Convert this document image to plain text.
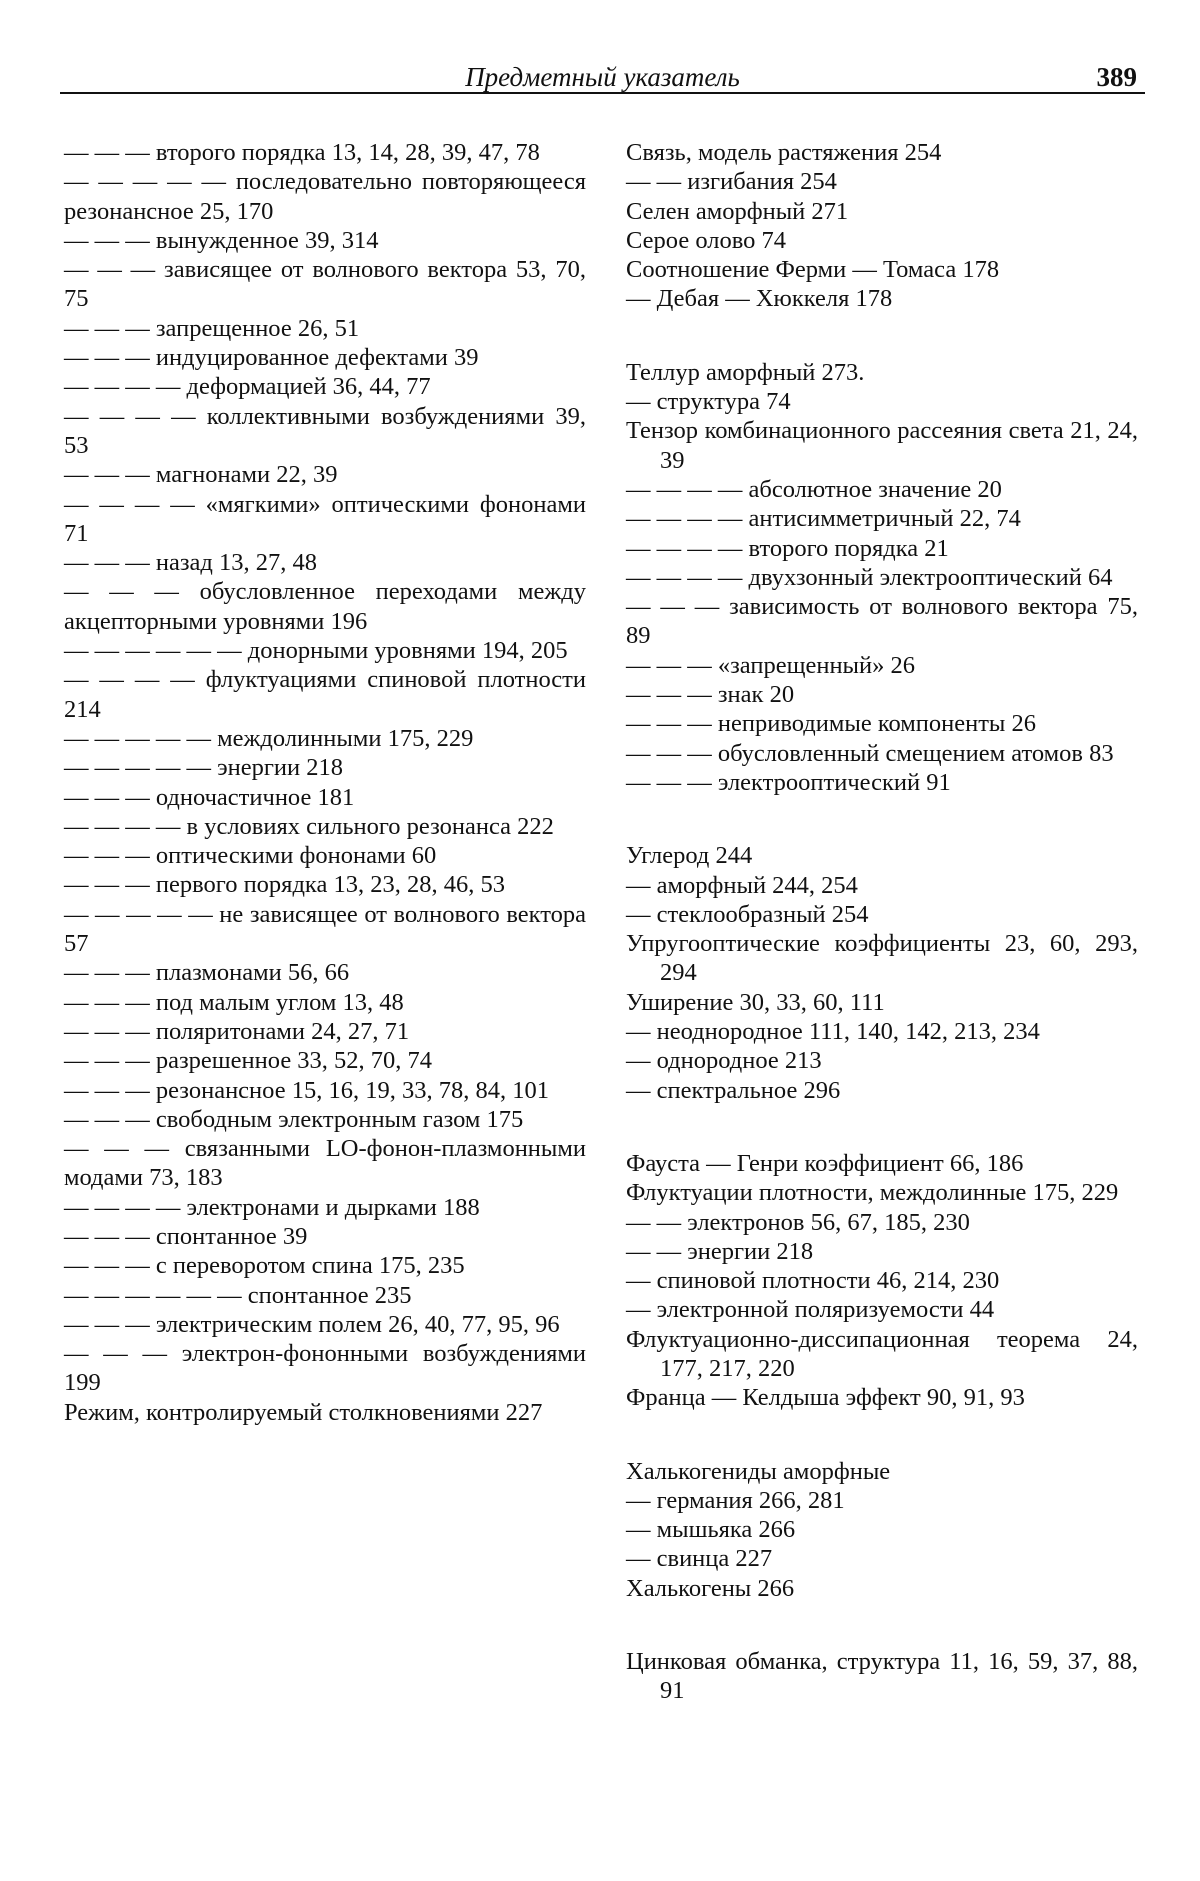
Предметный указатель	389

— — — второго порядка 13, 14, 28, 39, 47, 78

— — — — — последовательно повторяющееся резонансное 25, 170

— — — вынужденное 39, 314

— — — зависящее от волнового вектора 53, 70, 75

— — — запрещенное 26, 51

— — — индуцированное дефектами 39

— — — — деформацией 36, 44, 77

— — — — коллективными возбуждениями 39, 53

— — — магнонами 22, 39

— — — — «мягкими» оптическими фононами 71

— — — назад 13, 27, 48

— — — обусловленное переходами между акцепторными уровнями 196

— — — — — — донорными уровнями 194, 205

— — — — флуктуациями спиновой плотности 214

— — — — — междолинными 175, 229

— — — — — энергии 218

— — — одночастичное 181

— — — — в условиях сильного резонанса 222

— — — оптическими фононами 60

— — — первого порядка 13, 23, 28, 46, 53

— — — — — не зависящее от волнового вектора 57

— — — плазмонами 56, 66

— — — под малым углом 13, 48

— — — поляритонами 24, 27, 71

— — — разрешенное 33, 52, 70, 74

— — — резонансное 15, 16, 19, 33, 78, 84, 101

— — — свободным электронным газом 175

— — — связанными LO-фонон-плазмонными модами 73, 183

— — — — электронами и дырками 188

— — — спонтанное 39

— — — с переворотом спина 175, 235

— — — — — — спонтанное 235

— — — электрическим полем 26, 40, 77, 95, 96

— — — электрон-фононными возбуждениями 199

Режим, контролируемый столкновениями 227

Связь, модель растяжения 254

— — изгибания 254

Селен аморфный 271

Серое олово 74

Соотношение Ферми — Томаса 178

— Дебая — Хюккеля 178

Теллур аморфный 273.

— структура 74

Тензор комбинационного рассеяния света 21, 24, 39

— — — — абсолютное значение 20

— — — — антисимметричный 22, 74

— — — — второго порядка 21

— — — — двухзонный электрооптический 64

— — — зависимость от волнового вектора 75, 89

— — — «запрещенный» 26

— — — знак 20

— — — неприводимые компоненты 26

— — — обусловленный смещением атомов 83

— — — электрооптический 91

Углерод 244

— аморфный 244, 254

— стеклообразный 254

Упругооптические коэффициенты 23, 60, 293, 294

Уширение 30, 33, 60, 111

— неоднородное 111, 140, 142, 213, 234

— однородное 213

— спектральное 296

Фауста — Генри коэффициент 66, 186

Флуктуации плотности, междолинные 175, 229

— — электронов 56, 67, 185, 230

— — энергии 218

— спиновой плотности 46, 214, 230

— электронной поляризуемости 44

Флуктуационно-диссипационная теорема 24, 177, 217, 220

Франца — Келдыша эффект 90, 91, 93

Халькогениды аморфные

— германия 266, 281

— мышьяка 266

— свинца 227

Халькогены 266

Цинковая обманка, структура 11, 16, 59, 37, 88, 91
